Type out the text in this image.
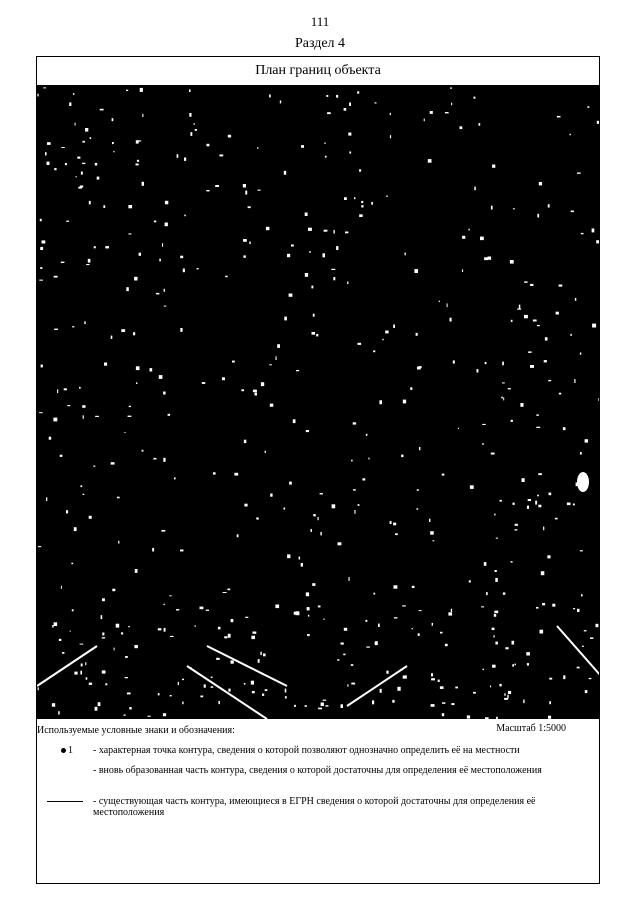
111
Раздел 4
План границ объекта
Используемые условные знаки и обозначения:	Масштаб 1:5000
1	- характерная точка контура, сведения о которой позволяют однозначно определить её на местности
- вновь образованная часть контура, сведения о которой достаточны для определения её местоположения
- существующая часть контура, имеющиеся в ЕГРН сведения о которой достаточны для определения её местоположения
